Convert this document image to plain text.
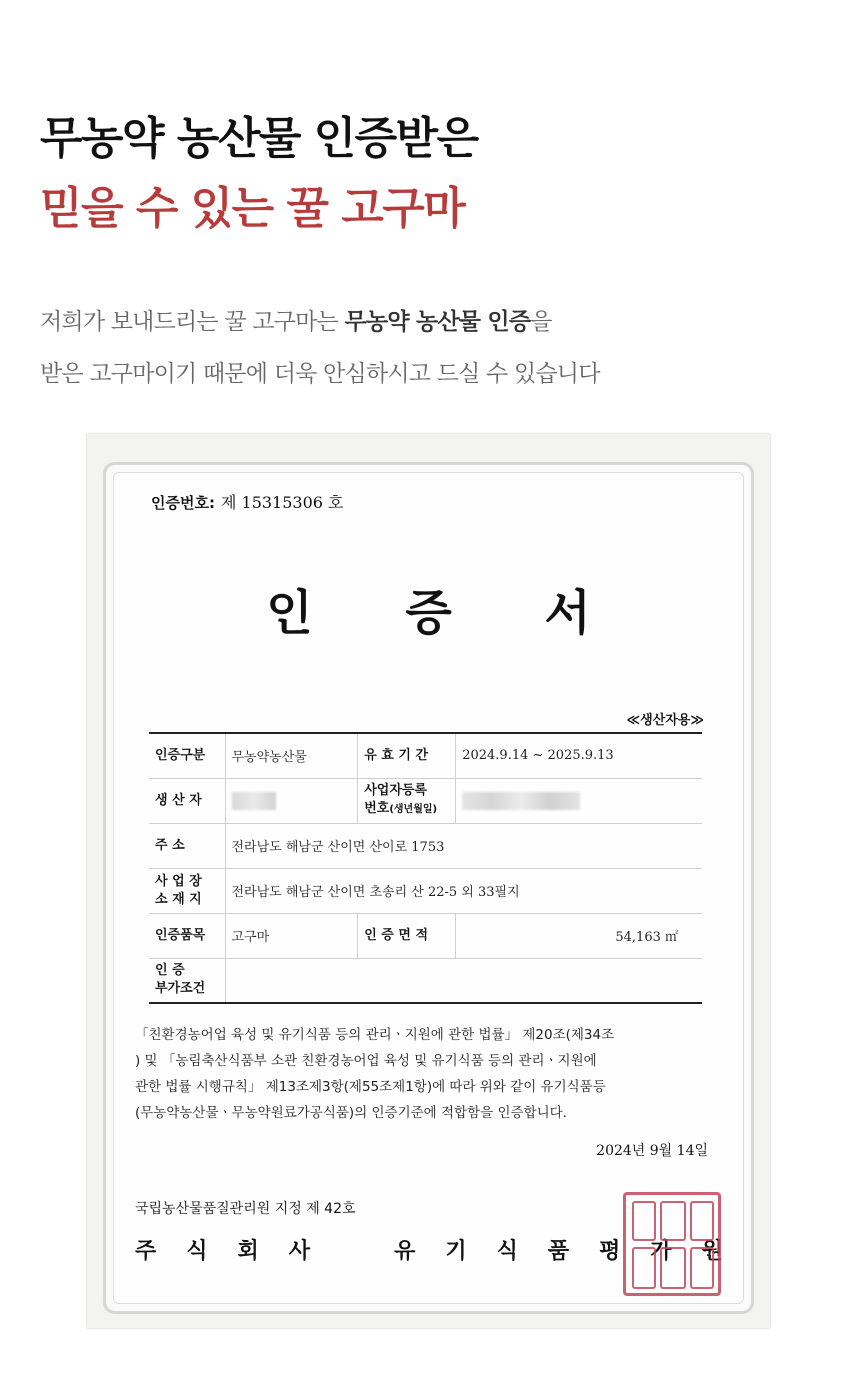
무농약 농산물 인증받은
믿을 수 있는 꿀 고구마
저희가 보내드리는 꿀 고구마는 무농약 농산물 인증을
받은 고구마이기 때문에 더욱 안심하시고 드실 수 있습니다
인증번호: 제 15315306 호
인 증 서
≪생산자용≫
인증구분	무농약농산물	유 효 기 간	2024.9.14 ~ 2025.9.13
생 산 자		사업자등록
번호(생년월일)	

주 소	전라남도 해남군 산이면 산이로 1753		

사 업 장
소 재 지	전라남도 해남군 산이면 초송리 산 22-5 외 33필지		
인증품목	고구마	인 증 면 적	54,163 ㎡

인 증
부가조건			

「친환경농어업 육성 및 유기식품 등의 관리ㆍ지원에 관한 법률」 제20조(제34조

) 및 「농림축산식품부 소관 친환경농어업 육성 및 유기식품 등의 관리ㆍ지원에

관한 법률 시행규칙」 제13조제3항(제55조제1항)에 따라 위와 같이 유기식품등

(무농약농산물ㆍ무농약원료가공식품)의 인증기준에 적합함을 인증합니다.

2024년 9월 14일
국립농산물품질관리원 지정 제 42호
주 식 회 사	유 기 식 품 평 가 원
